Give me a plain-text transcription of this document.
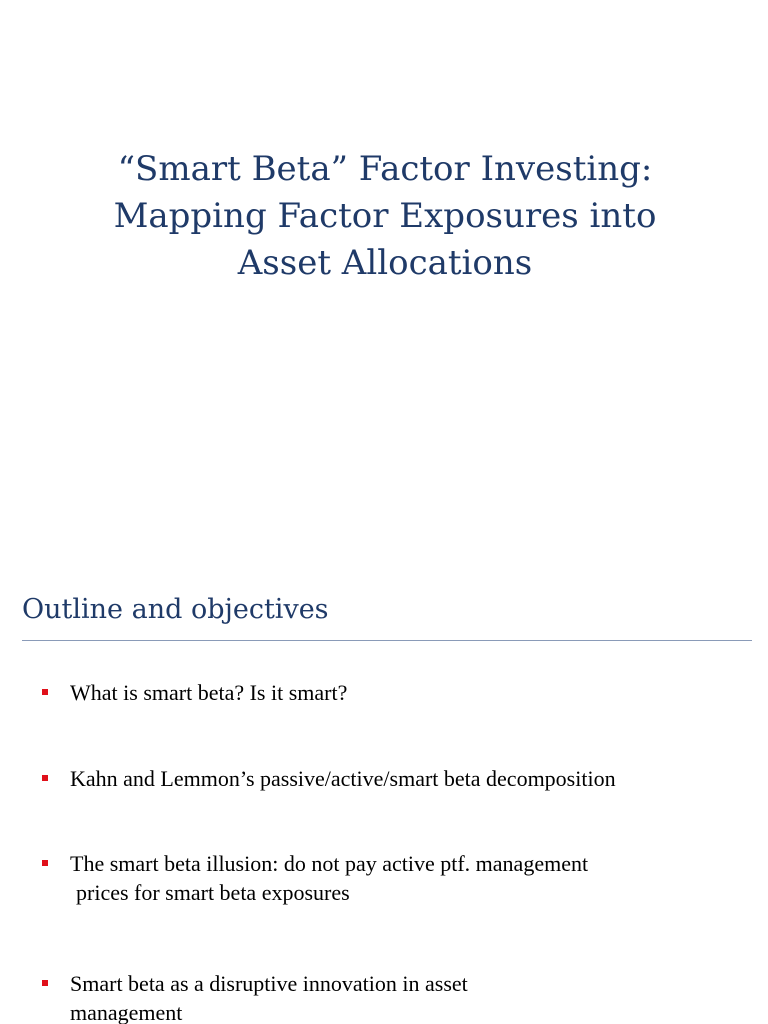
“Smart Beta” Factor Investing:
Mapping Factor Exposures into
Asset Allocations
Outline and objectives
What is smart beta? Is it smart?
Kahn and Lemmon’s passive/active/smart beta decomposition
The smart beta illusion: do not pay active ptf. management
prices for smart beta exposures
Smart beta as a disruptive innovation in asset
management
